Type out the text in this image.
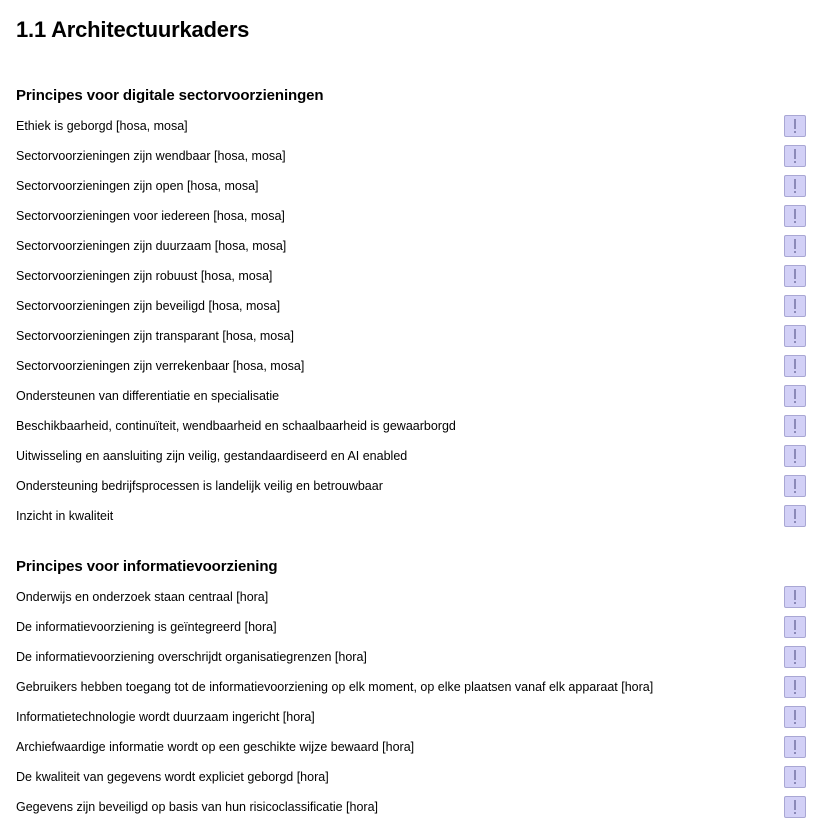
1.1 Architectuurkaders
Principes voor digitale sectorvoorzieningen
Ethiek is geborgd [hosa, mosa]
Sectorvoorzieningen zijn wendbaar [hosa, mosa]
Sectorvoorzieningen zijn open [hosa, mosa]
Sectorvoorzieningen voor iedereen [hosa, mosa]
Sectorvoorzieningen zijn duurzaam [hosa, mosa]
Sectorvoorzieningen zijn robuust [hosa, mosa]
Sectorvoorzieningen zijn beveiligd [hosa, mosa]
Sectorvoorzieningen zijn transparant [hosa, mosa]
Sectorvoorzieningen zijn verrekenbaar [hosa, mosa]
Ondersteunen van differentiatie en specialisatie
Beschikbaarheid, continuïteit, wendbaarheid en schaalbaarheid is gewaarborgd
Uitwisseling en aansluiting zijn veilig, gestandaardiseerd en AI enabled
Ondersteuning bedrijfsprocessen is landelijk veilig en betrouwbaar
Inzicht in kwaliteit
Principes voor informatievoorziening
Onderwijs en onderzoek staan centraal [hora]
De informatievoorziening is geïntegreerd [hora]
De informatievoorziening overschrijdt organisatiegrenzen [hora]
Gebruikers hebben toegang tot de informatievoorziening op elk moment, op elke plaatsen vanaf elk apparaat [hora]
Informatietechnologie wordt duurzaam ingericht [hora]
Archiefwaardige informatie wordt op een geschikte wijze bewaard [hora]
De kwaliteit van gegevens wordt expliciet geborgd [hora]
Gegevens zijn beveiligd op basis van hun risicoclassificatie [hora]
